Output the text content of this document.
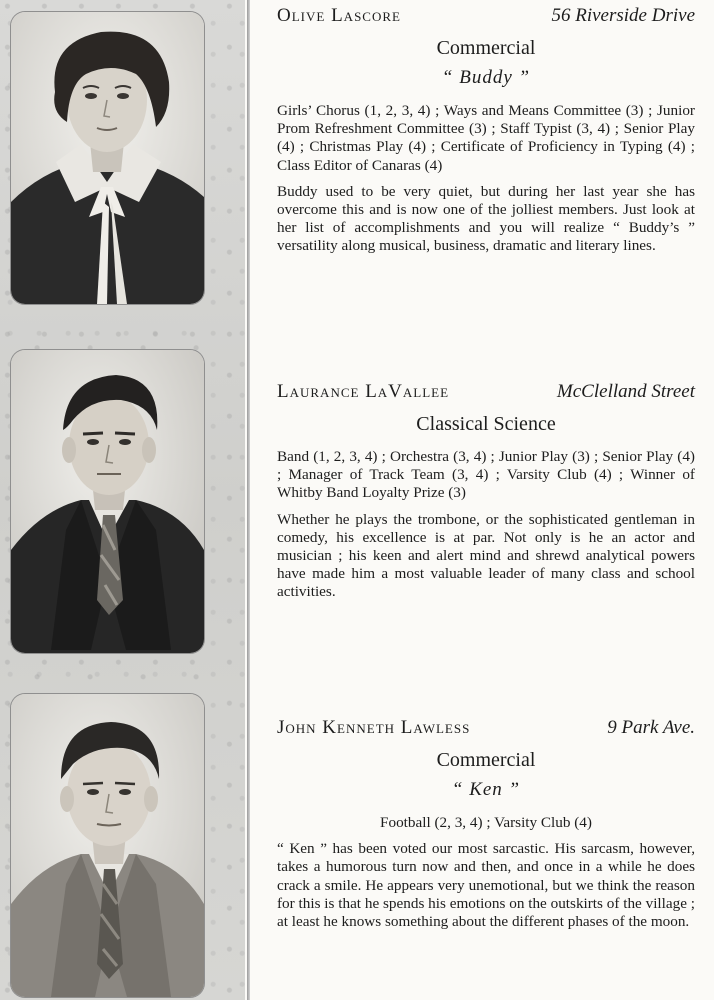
Olive Lascore	56 Riverside Drive
Commercial
“ Buddy ”

Girls’ Chorus (1, 2, 3, 4) ; Ways and Means Committee (3) ; Junior Prom Refreshment Committee (3) ; Staff Typist (3, 4) ; Senior Play (4) ; Christmas Play (4) ; Certificate of Proficiency in Typing (4) ; Class Editor of Canaras (4)

Buddy used to be very quiet, but during her last year she has overcome this and is now one of the jolliest members. Just look at her list of accomplishments and you will realize “ Buddy’s ” versatility along musical, business, dramatic and literary lines.

Laurance LaVallee	McClelland Street
Classical Science

Band (1, 2, 3, 4) ; Orchestra (3, 4) ; Junior Play (3) ; Senior Play (4) ; Manager of Track Team (3, 4) ; Varsity Club (4) ; Winner of Whitby Band Loyalty Prize (3)

Whether he plays the trombone, or the sophisticated gentleman in comedy, his excellence is at par. Not only is he an actor and musician ; his keen and alert mind and shrewd analytical powers have made him a most valuable leader of many class and school activities.

John Kenneth Lawless	9 Park Ave.
Commercial
“ Ken ”

Football (2, 3, 4) ; Varsity Club (4)

“ Ken ” has been voted our most sarcastic. His sarcasm, however, takes a humorous turn now and then, and once in a while he does crack a smile. He appears very unemotional, but we think the reason for this is that he spends his emotions on the outskirts of the village ; at least he knows something about the different phases of the moon.
